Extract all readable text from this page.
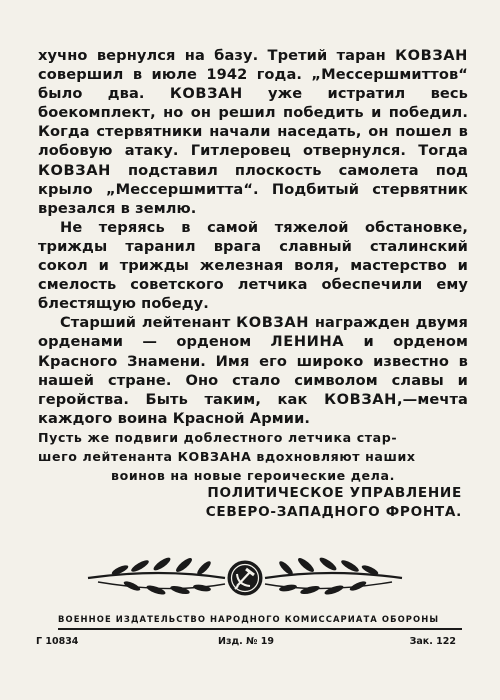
хучно вернулся на базу. Третий таран КОВЗАН совершил в июле 1942 года. „Мессершмиттов“ было два. КОВЗАН уже истратил весь боекомплект, но он решил победить и победил. Когда стервятники начали наседать, он пошел в лобовую атаку. Гитлеровец отвернулся. Тогда КОВЗАН подставил плоскость самолета под крыло „Мессершмитта“. Подбитый стервятник врезался в землю.

Не теряясь в самой тяжелой обстановке, трижды таранил врага славный сталинский сокол и трижды железная воля, мастерство и смелость советского летчика обеспечили ему блестящую победу.

Старший лейтенант КОВЗАН награжден двумя орденами — орденом ЛЕНИНА и орденом Красного Знамени. Имя его широко известно в нашей стране. Оно стало символом славы и геройства. Быть таким, как КОВЗАН,—мечта каждого воина Красной Армии.

Пусть же подвиги доблестного летчика стар-

шего лейтенанта КОВЗАНА вдохновляют наших

воинов на новые героические дела.

ПОЛИТИЧЕСКОЕ УПРАВЛЕНИЕ
СЕВЕРО-ЗАПАДНОГО ФРОНТА.
ВОЕННОЕ ИЗДАТЕЛЬСТВО НАРОДНОГО КОМИССАРИАТА ОБОРОНЫ
Г 10834	Изд. № 19	Зак. 122
